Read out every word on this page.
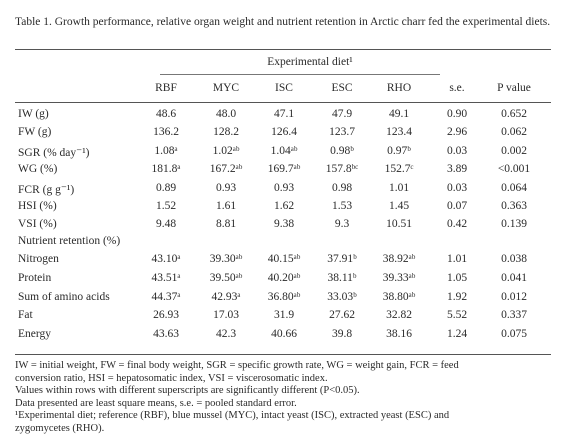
Table 1. Growth performance, relative organ weight and nutrient retention in Arctic charr fed the experimental diets.
Experimental diet¹
RBF	MYC	ISC	ESC	RHO	s.e.	P value
IW (g)	48.6	48.0	47.1	47.9	49.1	0.90	0.652
FW (g)	136.2	128.2	126.4	123.7	123.4	2.96	0.062
SGR (% day⁻¹)	1.08ᵃ	1.02ᵃᵇ	1.04ᵃᵇ	0.98ᵇ	0.97ᵇ	0.03	0.002
WG (%)	181.8ᵃ	167.2ᵃᵇ	169.7ᵃᵇ	157.8ᵇᶜ	152.7ᶜ	3.89	<0.001
FCR (g g⁻¹)	0.89	0.93	0.93	0.98	1.01	0.03	0.064
HSI (%)	1.52	1.61	1.62	1.53	1.45	0.07	0.363
VSI (%)	9.48	8.81	9.38	9.3	10.51	0.42	0.139
Nutrient retention (%)
Nitrogen	43.10ᵃ	39.30ᵃᵇ	40.15ᵃᵇ	37.91ᵇ	38.92ᵃᵇ	1.01	0.038
Protein	43.51ᵃ	39.50ᵃᵇ	40.20ᵃᵇ	38.11ᵇ	39.33ᵃᵇ	1.05	0.041
Sum of amino acids	44.37ᵃ	42.93ᵃ	36.80ᵃᵇ	33.03ᵇ	38.80ᵃᵇ	1.92	0.012
Fat	26.93	17.03	31.9	27.62	32.82	5.52	0.337
Energy	43.63	42.3	40.66	39.8	38.16	1.24	0.075
IW = initial weight, FW = final body weight, SGR = specific growth rate, WG = weight gain, FCR = feed
conversion ratio, HSI = hepatosomatic index, VSI = viscerosomatic index.
Values within rows with different superscripts are significantly different (P<0.05).
Data presented are least square means, s.e. = pooled standard error.
¹Experimental diet; reference (RBF), blue mussel (MYC), intact yeast (ISC), extracted yeast (ESC) and
zygomycetes (RHO).
